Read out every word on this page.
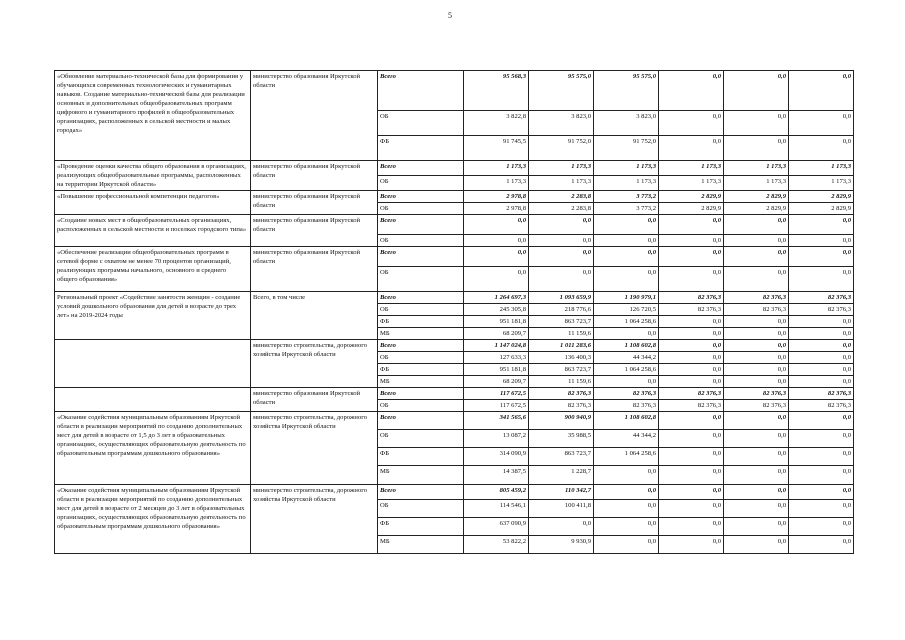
5
«Обновление материально-технической базы для формирования у обучающихся современных технологических и гуманитарных навыков. Создание материально-технической базы для реализации основных и дополнительных общеобразовательных программ цифрового и гуманитарного профилей в общеобразовательных организациях, расположенных в сельской местности и малых городах»	министерство образования Иркутской области	Всего	95 568,3	95 575,0	95 575,0	0,0	0,0	0,0
		ОБ	3 822,8	3 823,0	3 823,0	0,0	0,0	0,0
		ФБ	91 745,5	91 752,0	91 752,0	0,0	0,0	0,0
«Проведение оценки качества общего образования в организациях, реализующих общеобразовательные программы, расположенных на территории Иркутской области»	министерство образования Иркутской области	Всего	1 173,3	1 173,3	1 173,3	1 173,3	1 173,3	1 173,3
		ОБ	1 173,3	1 173,3	1 173,3	1 173,3	1 173,3	1 173,3
«Повышение профессиональной компетенции педагогов»	министерство образования Иркутской области	Всего	2 978,8	2 283,8	3 773,2	2 829,9	2 829,9	2 829,9
		ОБ	2 978,8	2 283,8	3 773,2	2 829,9	2 829,9	2 829,9
«Создание новых мест в общеобразовательных организациях, расположенных в сельской местности и поселках городского типа»	министерство образования Иркутской области	Всего	0,0	0,0	0,0	0,0	0,0	0,0
		ОБ	0,0	0,0	0,0	0,0	0,0	0,0
«Обеспечение реализации общеобразовательных программ в сетевой форме с охватом не менее 70 процентов организаций, реализующих программы начального, основного и среднего общего образования»	министерство образования Иркутской области	Всего	0,0	0,0	0,0	0,0	0,0	0,0
		ОБ	0,0	0,0	0,0	0,0	0,0	0,0
Региональный проект «Содействие занятости женщин - создание условий дошкольного образования для детей в возрасте до трех лет» на 2019-2024 годы	Всего, в том числе	Всего	1 264 697,3	1 093 659,9	1 190 979,1	82 376,3	82 376,3	82 376,3
		ОБ	245 305,8	218 776,6	126 720,5	82 376,3	82 376,3	82 376,3
		ФБ	951 181,8	863 723,7	1 064 258,6	0,0	0,0	0,0
		МБ	68 209,7	11 159,6	0,0	0,0	0,0	0,0
	министерство строительства, дорожного хозяйства Иркутской области	Всего	1 147 024,8	1 011 283,6	1 108 602,8	0,0	0,0	0,0
		ОБ	127 633,3	136 400,3	44 344,2	0,0	0,0	0,0
		ФБ	951 181,8	863 723,7	1 064 258,6	0,0	0,0	0,0
		МБ	68 209,7	11 159,6	0,0	0,0	0,0	0,0
	министерство образования Иркутской области	Всего	117 672,5	82 376,3	82 376,3	82 376,3	82 376,3	82 376,3
		ОБ	117 672,5	82 376,3	82 376,3	82 376,3	82 376,3	82 376,3
«Оказание содействия муниципальным образованиям Иркутской области в реализации мероприятий по созданию дополнительных мест для детей в возрасте от 1,5 до 3 лет в образовательных организациях, осуществляющих образовательную деятельность по образовательным программам дошкольного образования»	министерство строительства, дорожного хозяйства Иркутской области	Всего	341 565,6	900 940,9	1 108 602,8	0,0	0,0	0,0
		ОБ	13 087,2	35 988,5	44 344,2	0,0	0,0	0,0
		ФБ	314 090,9	863 723,7	1 064 258,6	0,0	0,0	0,0
		МБ	14 387,5	1 228,7	0,0	0,0	0,0	0,0
«Оказание содействия муниципальным образованиям Иркутской области в реализации мероприятий по созданию дополнительных мест для детей в возрасте от 2 месяцев до 3 лет в образовательных организациях, осуществляющих образовательную деятельность по образовательным программам дошкольного образования»	министерство строительства, дорожного хозяйства Иркутской области	Всего	805 459,2	110 342,7	0,0	0,0	0,0	0,0
		ОБ	114 546,1	100 411,8	0,0	0,0	0,0	0,0
		ФБ	637 090,9	0,0	0,0	0,0	0,0	0,0
		МБ	53 822,2	9 930,9	0,0	0,0	0,0	0,0
